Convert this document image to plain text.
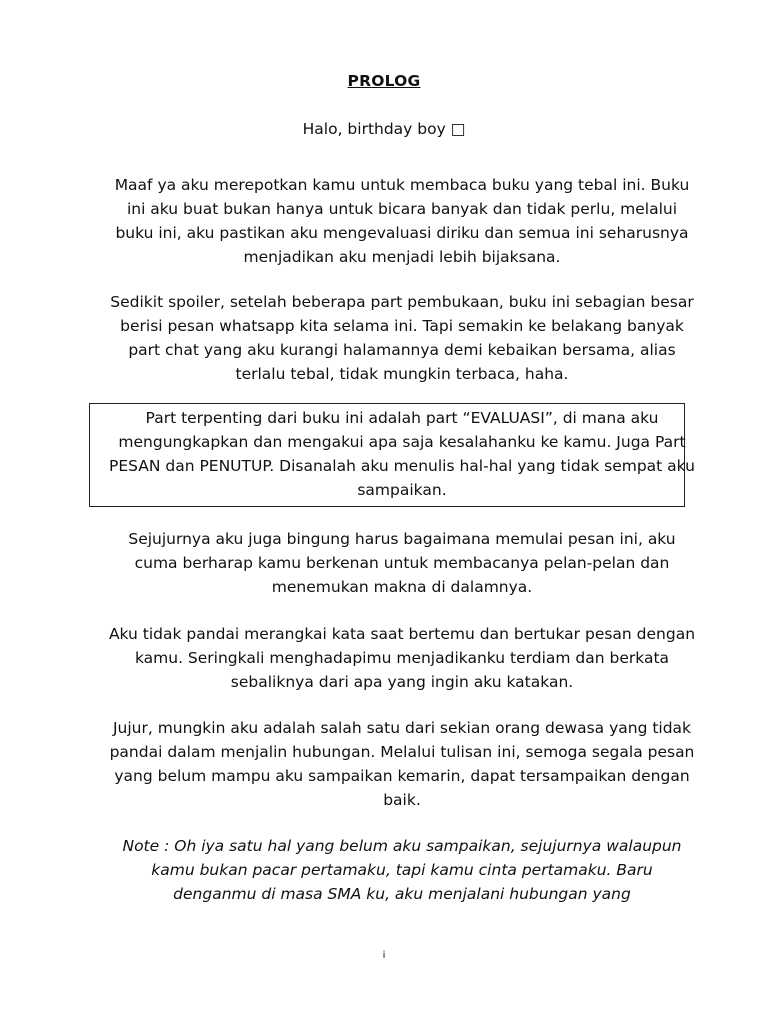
PROLOG
Halo, birthday boy □

Maaf ya aku merepotkan kamu untuk membaca buku yang tebal ini. Buku ini aku buat bukan hanya untuk bicara banyak dan tidak perlu, melalui buku ini, aku pastikan aku mengevaluasi diriku dan semua ini seharusnya menjadikan aku menjadi lebih bijaksana.

Sedikit spoiler, setelah beberapa part pembukaan, buku ini sebagian besar berisi pesan whatsapp kita selama ini. Tapi semakin ke belakang banyak part chat yang aku kurangi halamannya demi kebaikan bersama, alias terlalu tebal, tidak mungkin terbaca, haha.

Part terpenting dari buku ini adalah part “EVALUASI”, di mana aku mengungkapkan dan mengakui apa saja kesalahanku ke kamu. Juga Part PESAN dan PENUTUP. Disanalah aku menulis hal-hal yang tidak sempat aku sampaikan.

Sejujurnya aku juga bingung harus bagaimana memulai pesan ini, aku cuma berharap kamu berkenan untuk membacanya pelan-pelan dan menemukan makna di dalamnya.

Aku tidak pandai merangkai kata saat bertemu dan bertukar pesan dengan kamu. Seringkali menghadapimu menjadikanku terdiam dan berkata sebaliknya dari apa yang ingin aku katakan.

Jujur, mungkin aku adalah salah satu dari sekian orang dewasa yang tidak pandai dalam menjalin hubungan. Melalui tulisan ini, semoga segala pesan yang belum mampu aku sampaikan kemarin, dapat tersampaikan dengan baik.

Note : Oh iya satu hal yang belum aku sampaikan, sejujurnya walaupun kamu bukan pacar pertamaku, tapi kamu cinta pertamaku. Baru denganmu di masa SMA ku, aku menjalani hubungan yang

i
